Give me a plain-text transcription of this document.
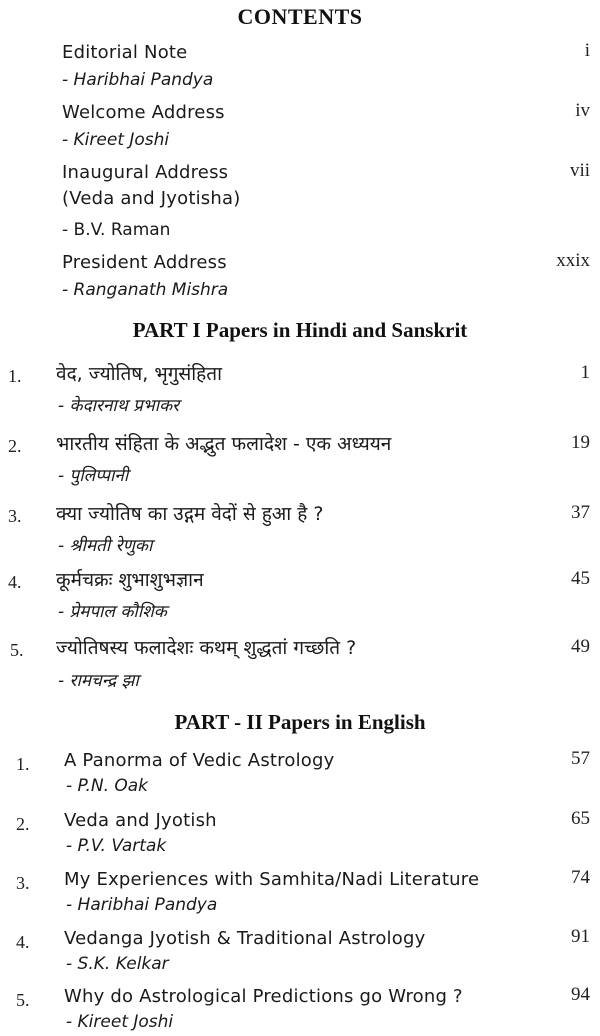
CONTENTS
Editorial Note
- Haribhai Pandya
i
Welcome Address
- Kireet Joshi
iv
Inaugural Address
(Veda and Jyotisha)
- B.V. Raman
vii
President Address
- Ranganath Mishra
xxix
PART I Papers in Hindi and Sanskrit
1. वेद, ज्योतिष, भृगुसंहिता
- केदारनाथ प्रभाकर
1
2. भारतीय संहिता के अद्भुत फलादेश - एक अध्ययन
- पुलिप्पानी
19
3. क्या ज्योतिष का उद्गम वेदों से हुआ है ?
- श्रीमती रेणुका
37
4. कूर्मचक्रः शुभाशुभज्ञान
- प्रेमपाल कौशिक
45
5. ज्योतिषस्य फलादेशः कथम् शुद्धतां गच्छति ?
- रामचन्द्र झा
49
PART - II Papers in English
1. A Panorma of Vedic Astrology
- P.N. Oak
57
2. Veda and Jyotish
- P.V. Vartak
65
3. My Experiences with Samhita/Nadi Literature
- Haribhai Pandya
74
4. Vedanga Jyotish & Traditional Astrology
- S.K. Kelkar
91
5. Why do Astrological Predictions go Wrong ?
- Kireet Joshi
94
